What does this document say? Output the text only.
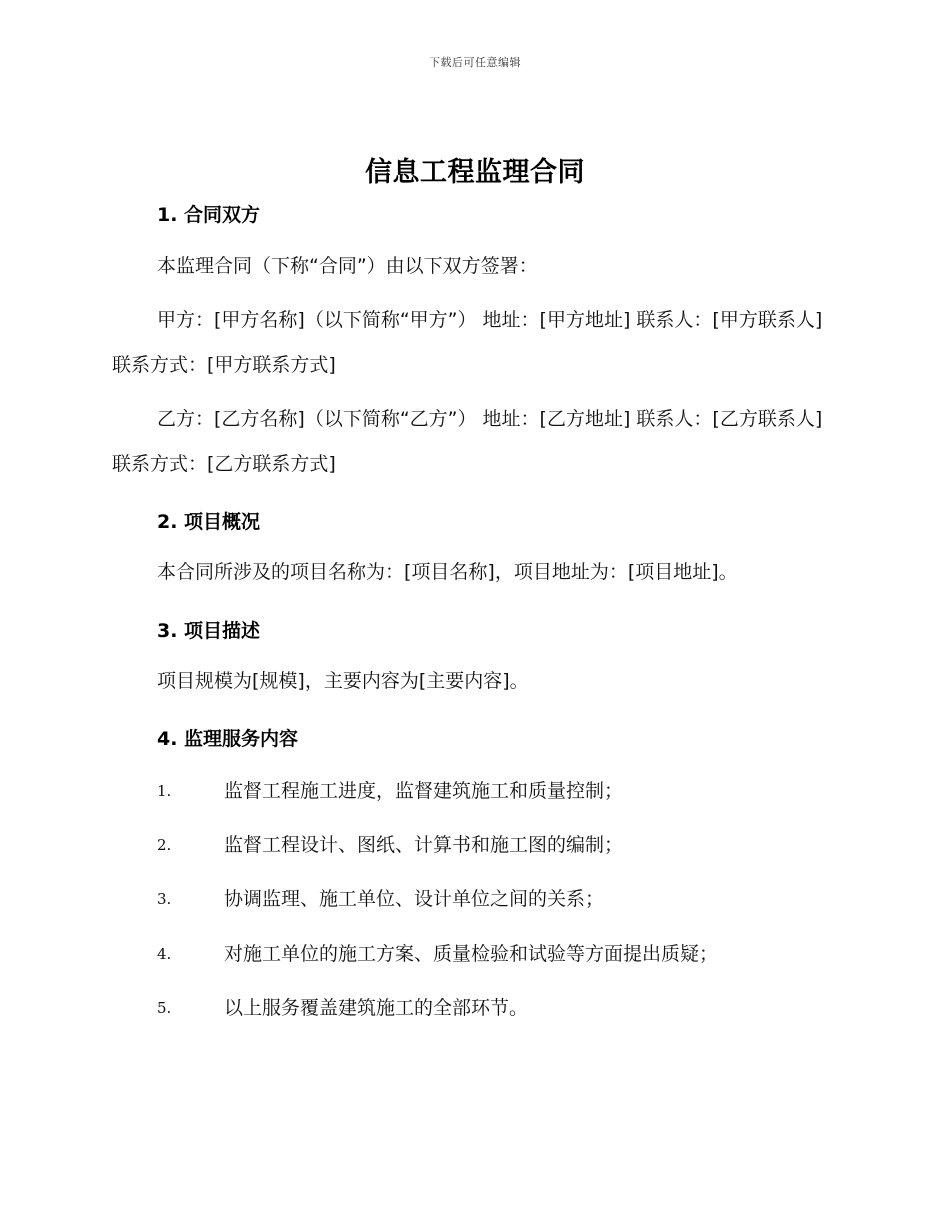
下载后可任意编辑
信息工程监理合同
1. 合同双方

本监理合同（下称“合同”）由以下双方签署：

甲方：[甲方名称]（以下简称“甲方”） 地址：[甲方地址] 联系人：[甲方联系人] 联系方式：[甲方联系方式]

乙方：[乙方名称]（以下简称“乙方”） 地址：[乙方地址] 联系人：[乙方联系人] 联系方式：[乙方联系方式]

2. 项目概况

本合同所涉及的项目名称为：[项目名称]，项目地址为：[项目地址]。

3. 项目描述

项目规模为[规模]，主要内容为[主要内容]。

4. 监理服务内容
1.	监督工程施工进度，监督建筑施工和质量控制；
2.	监督工程设计、图纸、计算书和施工图的编制；
3.	协调监理、施工单位、设计单位之间的关系；
4.	对施工单位的施工方案、质量检验和试验等方面提出质疑；
5.	以上服务覆盖建筑施工的全部环节。
